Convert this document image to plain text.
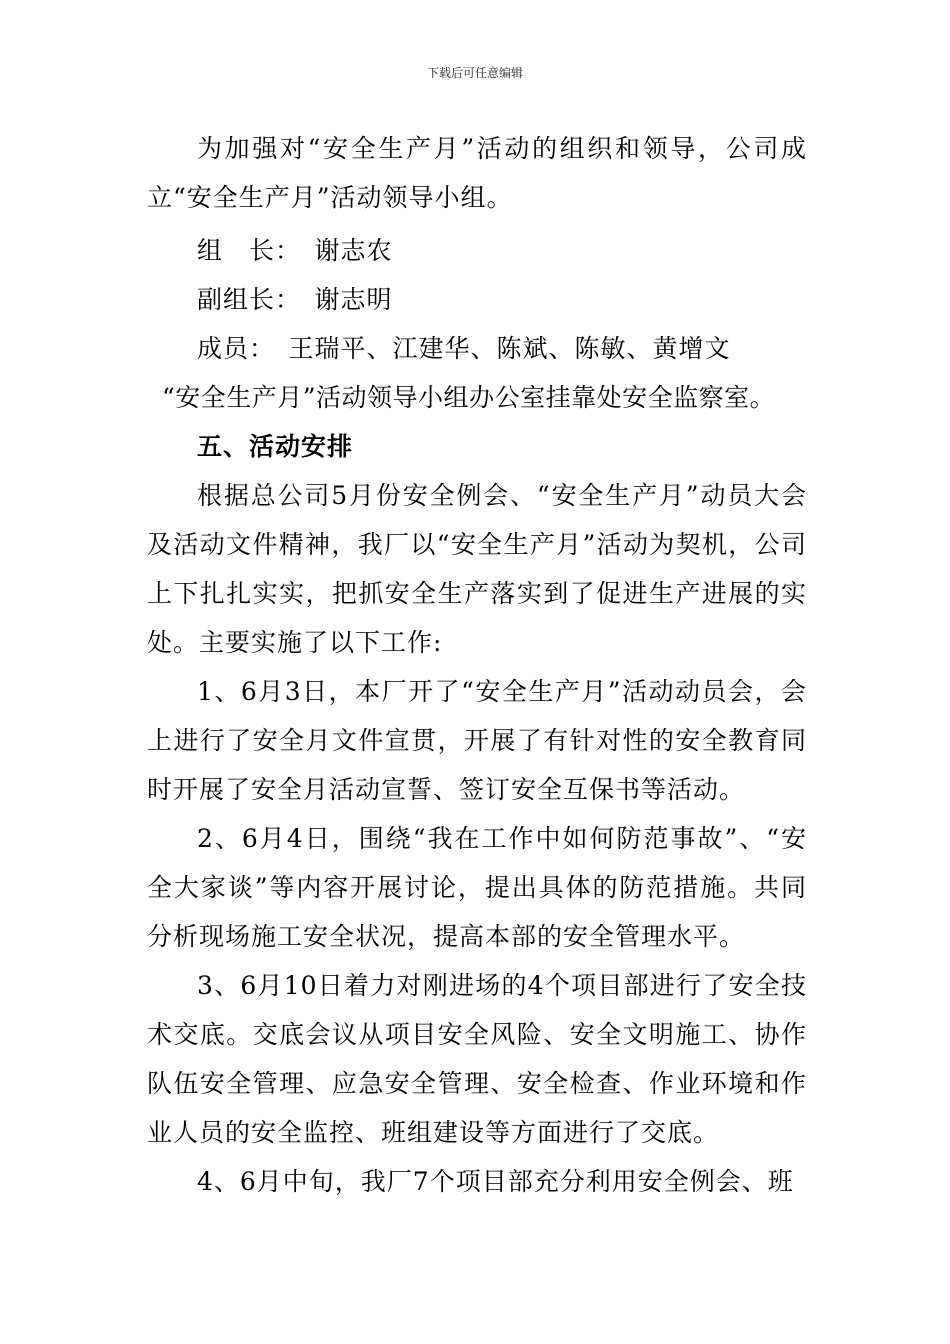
下载后可任意编辑

为加强对“安全生产月”活动的组织和领导，公司成立“安全生产月”活动领导小组。

组　长：　谢志农

副组长：　谢志明

成员：　王瑞平、江建华、陈斌、陈敏、黄增文

“安全生产月”活动领导小组办公室挂靠处安全监察室。

五、活动安排

根据总公司5月份安全例会、“安全生产月”动员大会及活动文件精神，我厂以“安全生产月”活动为契机，公司上下扎扎实实，把抓安全生产落实到了促进生产进展的实处。主要实施了以下工作:

1、6月3日，本厂开了“安全生产月”活动动员会，会上进行了安全月文件宣贯，开展了有针对性的安全教育同时开展了安全月活动宣誓、签订安全互保书等活动。

2、6月4日，围绕“我在工作中如何防范事故”、“安全大家谈”等内容开展讨论，提出具体的防范措施。共同分析现场施工安全状况，提高本部的安全管理水平。

3、6月10日着力对刚进场的4个项目部进行了安全技术交底。交底会议从项目安全风险、安全文明施工、协作队伍安全管理、应急安全管理、安全检查、作业环境和作业人员的安全监控、班组建设等方面进行了交底。

4、6月中旬，我厂7个项目部充分利用安全例会、班
